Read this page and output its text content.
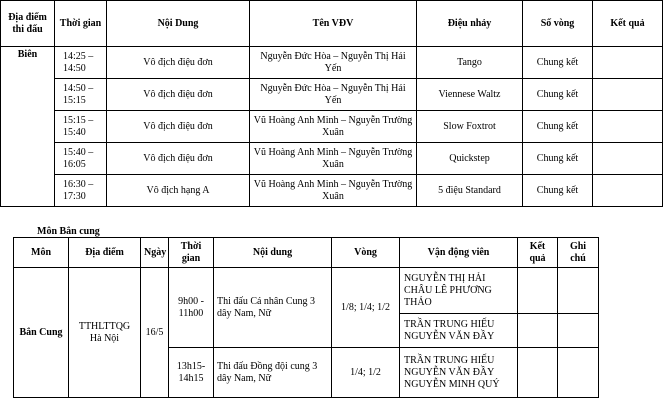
Địa điểm thi đấu	Thời gian	Nội Dung	Tên VĐV	Điệu nhảy	Số vòng	Kết quả
Biên	14:25 – 14:50	Vô địch điệu đơn	Nguyễn Đức Hòa – Nguyễn Thị Hải Yến	Tango	Chung kết	
	14:50 – 15:15	Vô địch điệu đơn	Nguyễn Đức Hòa – Nguyễn Thị Hải Yến	Viennese Waltz	Chung kết	
	15:15 – 15:40	Vô địch điệu đơn	Vũ Hoàng Anh Minh – Nguyễn Trường Xuân	Slow Foxtrot	Chung kết	
	15:40 – 16:05	Vô địch điệu đơn	Vũ Hoàng Anh Minh – Nguyễn Trường Xuân	Quickstep	Chung kết	
	16:30 – 17:30	Vô địch hạng A	Vũ Hoàng Anh Minh – Nguyễn Trường Xuân	5 điệu Standard	Chung kết	
Môn Bắn cung
Môn	Địa điểm	Ngày	Thời gian	Nội dung	Vòng	Vận động viên	Kết quả	Ghi chú
Bắn Cung	TTHLTTQG Hà Nội	16/5	9h00 - 11h00	Thi đấu Cá nhân Cung 3 dây Nam, Nữ	1/8; 1/4; 1/2	NGUYỄN THỊ HẢI CHÂU LÊ PHƯƠNG THẢO		
						TRẦN TRUNG HIẾU NGUYỄN VĂN ĐẦY		
			13h15- 14h15	Thi đấu Đồng đội cung 3 dây Nam, Nữ	1/4; 1/2	TRẦN TRUNG HIẾU NGUYỄN VĂN ĐẦY NGUYỄN MINH QUÝ		
